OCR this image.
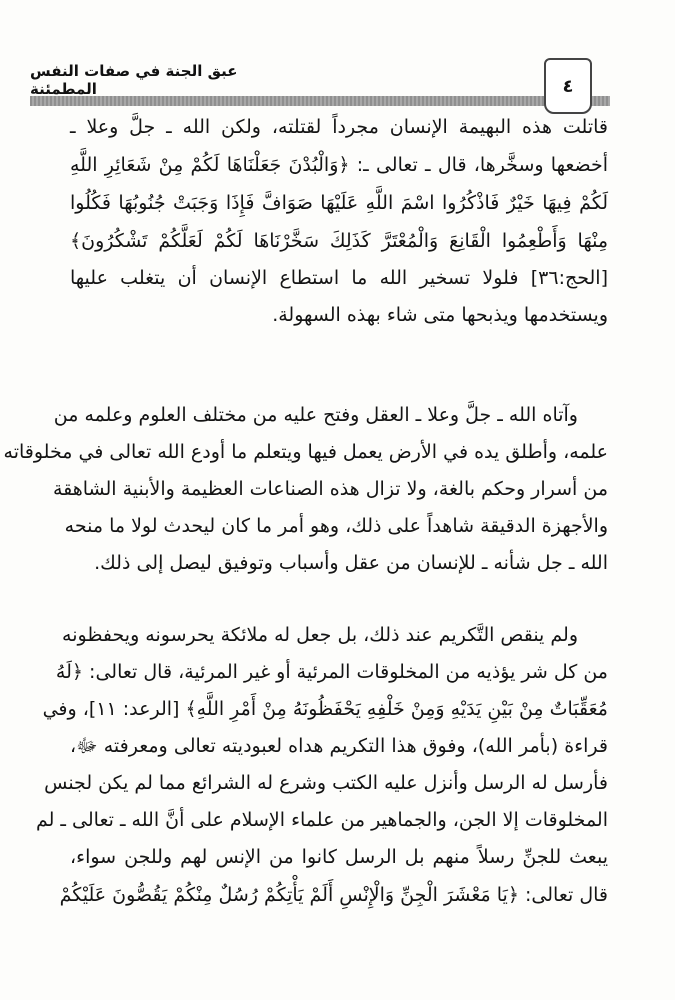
عبق الجنة في صفات النفس المطمئنة	٤
قاتلت هذه البهيمة الإنسان مجرداً لقتلته، ولكن الله ـ جلَّ وعلا ـ
أخضعها وسخَّرها، قال ـ تعالى ـ: ﴿وَالْبُدْنَ جَعَلْنَاهَا لَكُمْ مِنْ شَعَائِرِ اللَّهِ
لَكُمْ فِيهَا خَيْرٌ فَاذْكُرُوا اسْمَ اللَّهِ عَلَيْهَا صَوَافَّ فَإِذَا وَجَبَتْ جُنُوبُهَا فَكُلُوا
مِنْهَا وَأَطْعِمُوا الْقَانِعَ وَالْمُعْتَرَّ كَذَلِكَ سَخَّرْنَاهَا لَكُمْ لَعَلَّكُمْ تَشْكُرُونَ﴾
[الحج:٣٦] فلولا تسخير الله ما استطاع الإنسان أن يتغلب عليها
ويستخدمها ويذبحها متى شاء بهذه السهولة.
وآتاه الله ـ جلَّ وعلا ـ العقل وفتح عليه من مختلف العلوم وعلمه من
علمه، وأطلق يده في الأرض يعمل فيها ويتعلم ما أودع الله تعالى في مخلوقاته
من أسرار وحكم بالغة، ولا تزال هذه الصناعات العظيمة والأبنية الشاهقة
والأجهزة الدقيقة شاهداً على ذلك، وهو أمر ما كان ليحدث لولا ما منحه
الله ـ جل شأنه ـ للإنسان من عقل وأسباب وتوفيق ليصل إلى ذلك.
ولم ينقص التَّكريم عند ذلك، بل جعل له ملائكة يحرسونه ويحفظونه
من كل شر يؤذيه من المخلوقات المرئية أو غير المرئية، قال تعالى: ﴿لَهُ
مُعَقِّبَاتٌ مِنْ بَيْنِ يَدَيْهِ وَمِنْ خَلْفِهِ يَحْفَظُونَهُ مِنْ أَمْرِ اللَّهِ﴾ [الرعد: ١١]، وفي
قراءة (بأمر الله)، وفوق هذا التكريم هداه لعبوديته تعالى ومعرفته ﷻ،
فأرسل له الرسل وأنزل عليه الكتب وشرع له الشرائع مما لم يكن لجنس
المخلوقات إلا الجن، والجماهير من علماء الإسلام على أنَّ الله ـ تعالى ـ لم
يبعث للجنِّ رسلاً منهم بل الرسل كانوا من الإنس لهم وللجن سواء،
قال تعالى: ﴿يَا مَعْشَرَ الْجِنِّ وَالْإِنْسِ أَلَمْ يَأْتِكُمْ رُسُلٌ مِنْكُمْ يَقُصُّونَ عَلَيْكُمْ
